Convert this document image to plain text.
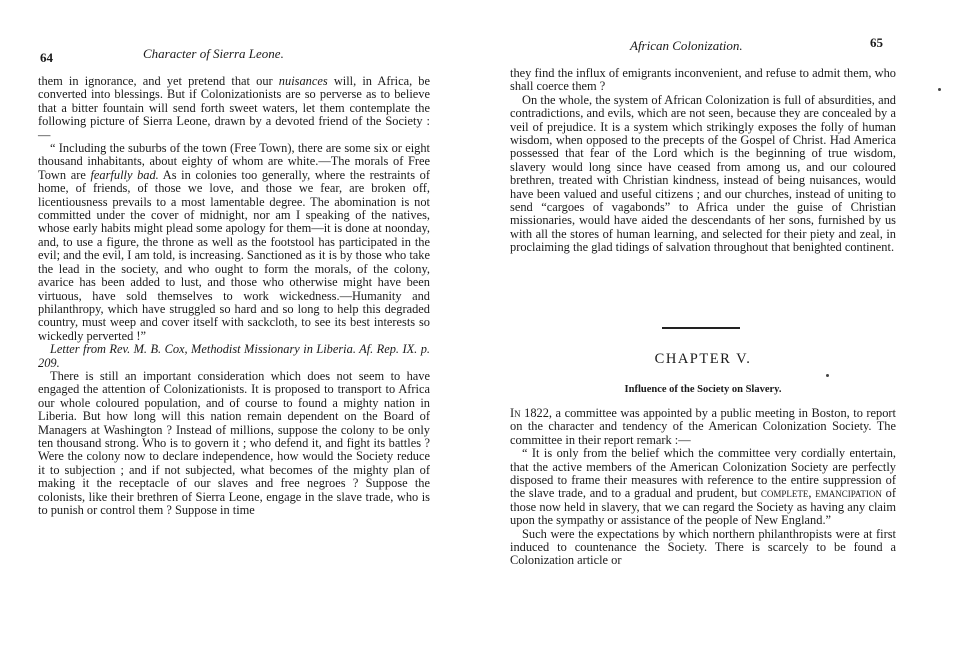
64	Character of Sierra Leone.

them in ignorance, and yet pretend that our nuisances will, in Africa, be converted into blessings. But if Colonizationists are so perverse as to believe that a bitter fountain will send forth sweet waters, let them contemplate the following picture of Sierra Leone, drawn by a devoted friend of the Society :—

“ Including the suburbs of the town (Free Town), there are some six or eight thousand inhabitants, about eighty of whom are white.—The morals of Free Town are fearfully bad. As in colonies too generally, where the restraints of home, of friends, of those we love, and those we fear, are broken off, licentiousness prevails to a most lamentable degree. The abomination is not committed under the cover of midnight, nor am I speaking of the natives, whose early habits might plead some apology for them—it is done at noonday, and, to use a figure, the throne as well as the footstool has participated in the evil; and the evil, I am told, is increasing. Sanctioned as it is by those who take the lead in the society, and who ought to form the morals, of the colony, avarice has been added to lust, and those who otherwise might have been virtuous, have sold themselves to work wickedness.—Humanity and philanthropy, which have struggled so hard and so long to help this degraded country, must weep and cover itself with sackcloth, to see its best interests so wickedly perverted !”

Letter from Rev. M. B. Cox, Methodist Missionary in Liberia. Af. Rep. IX. p. 209.

There is still an important consideration which does not seem to have engaged the attention of Colonizationists. It is proposed to transport to Africa our whole coloured population, and of course to found a mighty nation in Liberia. But how long will this nation remain dependent on the Board of Managers at Washington ? Instead of millions, suppose the colony to be only ten thousand strong. Who is to govern it ; who defend it, and fight its battles ? Were the colony now to declare independence, how would the Society reduce it to subjection ; and if not subjected, what becomes of the mighty plan of making it the receptacle of our slaves and free negroes ? Suppose the colonists, like their brethren of Sierra Leone, engage in the slave trade, who is to punish or control them ? Suppose in time

African Colonization.	65

they find the influx of emigrants inconvenient, and refuse to admit them, who shall coerce them ?

On the whole, the system of African Colonization is full of absurdities, and contradictions, and evils, which are not seen, because they are concealed by a veil of prejudice. It is a system which strikingly exposes the folly of human wisdom, when opposed to the precepts of the Gospel of Christ. Had America possessed that fear of the Lord which is the beginning of true wisdom, slavery would long since have ceased from among us, and our coloured brethren, treated with Christian kindness, instead of being nuisances, would have been valued and useful citizens ; and our churches, instead of uniting to send “cargoes of vagabonds” to Africa under the guise of Christian missionaries, would have aided the descendants of her sons, furnished by us with all the stores of human learning, and selected for their piety and zeal, in proclaiming the glad tidings of salvation throughout that benighted continent.

CHAPTER V.
Influence of the Society on Slavery.

In 1822, a committee was appointed by a public meeting in Boston, to report on the character and tendency of the American Colonization Society. The committee in their report remark :—

“ It is only from the belief which the committee very cordially entertain, that the active members of the American Colonization Society are perfectly disposed to frame their measures with reference to the entire suppression of the slave trade, and to a gradual and prudent, but complete, emancipation of those now held in slavery, that we can regard the Society as having any claim upon the sympathy or assistance of the people of New England.”

Such were the expectations by which northern philanthropists were at first induced to countenance the Society. There is scarcely to be found a Colonization article or
